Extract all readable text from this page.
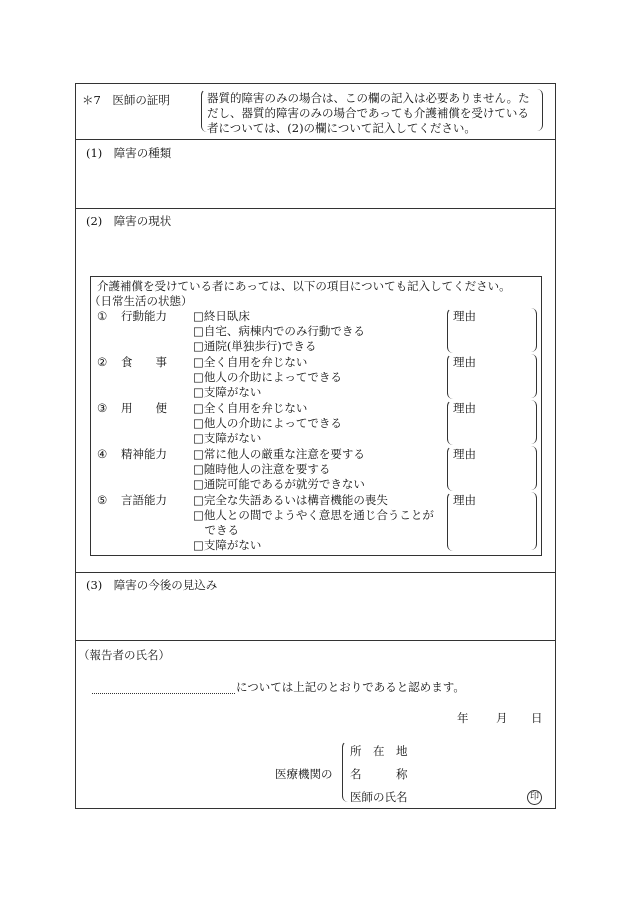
＊7　医師の証明	器質的障害のみの場合は、この欄の記入は必要ありません。た
だし、器質的障害のみの場合であっても介護補償を受けている
者については、(2)の欄について記入してください。
(1)　障害の種類
(2)　障害の現状
介護補償を受けている者にあっては、以下の項目についても記入してください。
（日常生活の状態）
① 行動能力 □終日臥床
□自宅、病棟内でのみ行動できる
□通院(単独歩行)できる
理由
② 食　　事 □全く自用を弁じない
□他人の介助によってできる
□支障がない
理由
③ 用　　便 □全く自用を弁じない
□他人の介助によってできる
□支障がない
理由
④ 精神能力 □常に他人の厳重な注意を要する
□随時他人の注意を要する
□通院可能であるが就労できない
理由
⑤ 言語能力 □完全な失語あるいは構音機能の喪失
□他人との間でようやく意思を通じ合うことが
　できる
□支障がない
理由
(3)　障害の今後の見込み
（報告者の氏名）
については上記のとおりであると認めます。
年 月 日
医療機関の
所　在　地
名　　　称
医師の氏名	印
